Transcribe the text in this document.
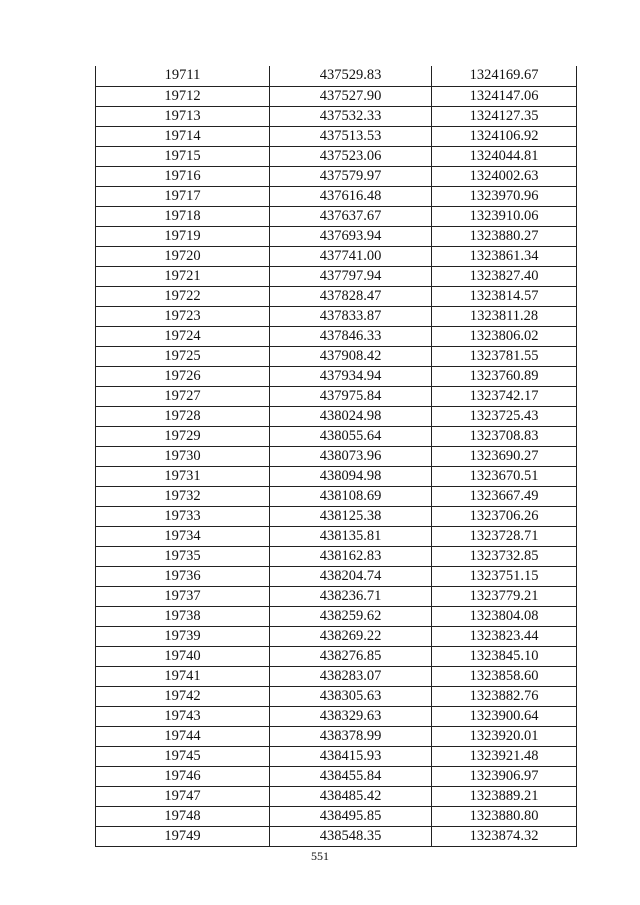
19711	437529.83	1324169.67
19712	437527.90	1324147.06
19713	437532.33	1324127.35
19714	437513.53	1324106.92
19715	437523.06	1324044.81
19716	437579.97	1324002.63
19717	437616.48	1323970.96
19718	437637.67	1323910.06
19719	437693.94	1323880.27
19720	437741.00	1323861.34
19721	437797.94	1323827.40
19722	437828.47	1323814.57
19723	437833.87	1323811.28
19724	437846.33	1323806.02
19725	437908.42	1323781.55
19726	437934.94	1323760.89
19727	437975.84	1323742.17
19728	438024.98	1323725.43
19729	438055.64	1323708.83
19730	438073.96	1323690.27
19731	438094.98	1323670.51
19732	438108.69	1323667.49
19733	438125.38	1323706.26
19734	438135.81	1323728.71
19735	438162.83	1323732.85
19736	438204.74	1323751.15
19737	438236.71	1323779.21
19738	438259.62	1323804.08
19739	438269.22	1323823.44
19740	438276.85	1323845.10
19741	438283.07	1323858.60
19742	438305.63	1323882.76
19743	438329.63	1323900.64
19744	438378.99	1323920.01
19745	438415.93	1323921.48
19746	438455.84	1323906.97
19747	438485.42	1323889.21
19748	438495.85	1323880.80
19749	438548.35	1323874.32
551
